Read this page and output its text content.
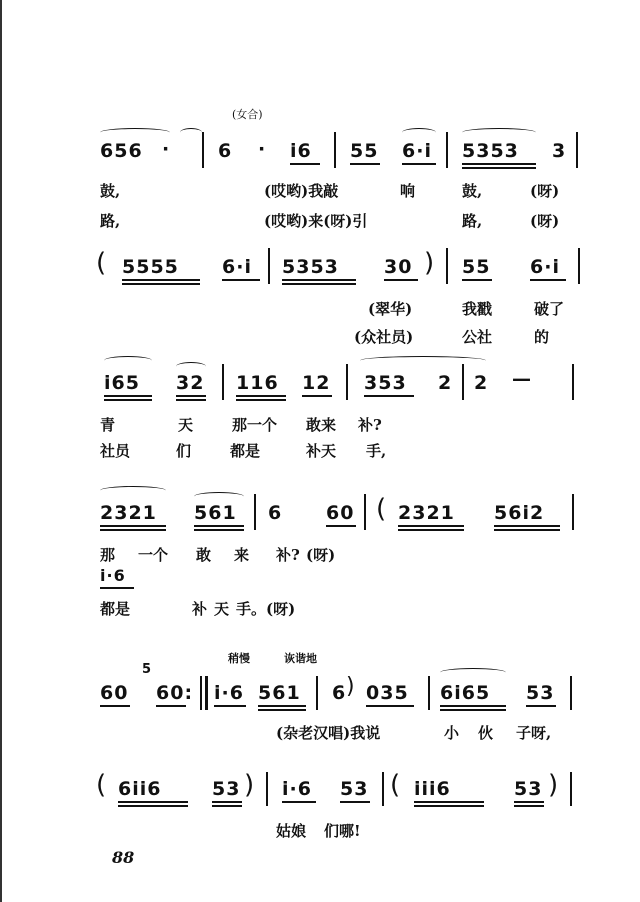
(女合)
656 ·	6 · i6 55 6·i 5353 3
鼓,	(哎哟)我敲	响	鼓,	(呀)
路,	(哎哟)来(呀)引	路,	(呀)
( 5555 6·i 5353 30 ) 55 6·i
(翠华)	我戳	破了
(众社员)	公社	的
i65 32 116 12 353 2 2 —
青	天	那一个 敢来 补?
社员	们	都是	补天 手,
2321 561 6 60 ( 2321 56i2
那 一个 敢 来 补? (呀)
i·6
都是	补 天 手。(呀)
稍慢	诙谐地
60
5
60: i·6 561 6 ) 035 6i65 53
(杂老汉唱)我说	小 伙 子呀,
( 6ii6	53 ) i·6 53 ( iii6	53 )
姑娘 们哪!
88
